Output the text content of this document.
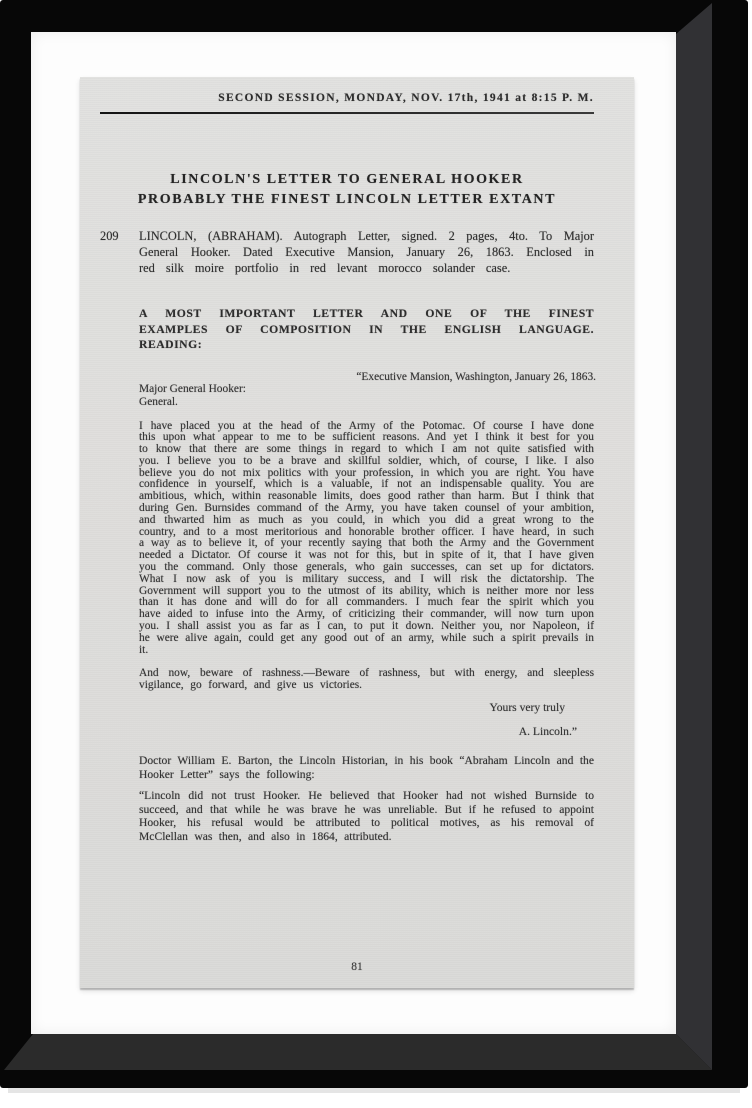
SECOND SESSION, MONDAY, NOV. 17th, 1941 at 8:15 P. M.
LINCOLN'S LETTER TO GENERAL HOOKER
PROBABLY THE FINEST LINCOLN LETTER EXTANT
209	LINCOLN, (ABRAHAM). Autograph Letter, signed. 2 pages, 4to. To Major General Hooker. Dated Executive Mansion, January 26, 1863. Enclosed in red silk moire portfolio in red levant morocco solander case.
A MOST IMPORTANT LETTER AND ONE OF THE FINEST EXAMPLES OF COMPOSITION IN THE ENGLISH LANGUAGE. READING:
“Executive Mansion, Washington, January 26, 1863.
Major General Hooker:
General.

I have placed you at the head of the Army of the Potomac. Of course I have done this upon what appear to me to be sufficient reasons. And yet I think it best for you to know that there are some things in regard to which I am not quite satisfied with you. I believe you to be a brave and skillful soldier, which, of course, I like. I also believe you do not mix politics with your profession, in which you are right. You have confidence in yourself, which is a valuable, if not an indispensable quality. You are ambitious, which, within reasonable limits, does good rather than harm. But I think that during Gen. Burnsides command of the Army, you have taken counsel of your ambition, and thwarted him as much as you could, in which you did a great wrong to the country, and to a most meritorious and honorable brother officer. I have heard, in such a way as to believe it, of your recently saying that both the Army and the Government needed a Dictator. Of course it was not for this, but in spite of it, that I have given you the command. Only those generals, who gain successes, can set up for dictators. What I now ask of you is military success, and I will risk the dictatorship. The Government will support you to the utmost of its ability, which is neither more nor less than it has done and will do for all commanders. I much fear the spirit which you have aided to infuse into the Army, of criticizing their commander, will now turn upon you. I shall assist you as far as I can, to put it down. Neither you, nor Napoleon, if he were alive again, could get any good out of an army, while such a spirit prevails in it.

And now, beware of rashness.—Beware of rashness, but with energy, and sleepless vigilance, go forward, and give us victories.

Yours very truly
A. Lincoln.”

Doctor William E. Barton, the Lincoln Historian, in his book “Abraham Lincoln and the Hooker Letter” says the following:

“Lincoln did not trust Hooker. He believed that Hooker had not wished Burnside to succeed, and that while he was brave he was unreliable. But if he refused to appoint Hooker, his refusal would be attributed to political motives, as his removal of McClellan was then, and also in 1864, attributed.

81
